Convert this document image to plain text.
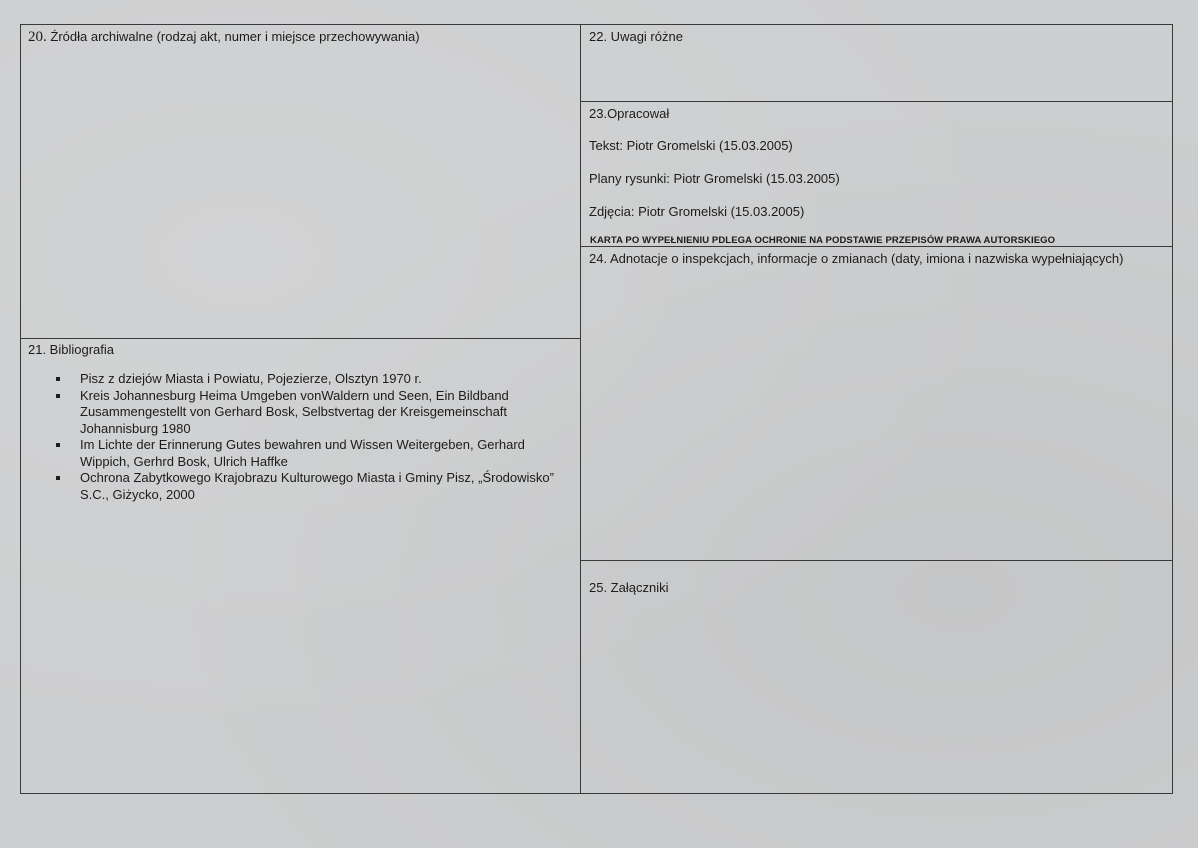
20. Źródła archiwalne (rodzaj akt, numer i miejsce przechowywania)
21. Bibliografia
Pisz z dziejów Miasta i Powiatu, Pojezierze, Olsztyn 1970 r.
Kreis Johannesburg Heima Umgeben vonWaldern und Seen, Ein Bildband Zusammengestellt von Gerhard Bosk, Selbstvertag der Kreisgemeinschaft Johannisburg 1980
Im Lichte der Erinnerung Gutes bewahren und Wissen Weitergeben, Gerhard Wippich, Gerhrd Bosk, Ulrich Haffke
Ochrona Zabytkowego Krajobrazu Kulturowego Miasta i Gminy Pisz, „Środowisko” S.C., Giżycko, 2000
22. Uwagi różne
23.Opracował
Tekst: Piotr Gromelski (15.03.2005)
Plany rysunki: Piotr Gromelski (15.03.2005)
Zdjęcia: Piotr Gromelski (15.03.2005)
KARTA PO WYPEŁNIENIU PDLEGA OCHRONIE NA PODSTAWIE PRZEPISÓW PRAWA AUTORSKIEGO
24. Adnotacje o inspekcjach, informacje o zmianach (daty, imiona i nazwiska wypełniających)
25. Załączniki
